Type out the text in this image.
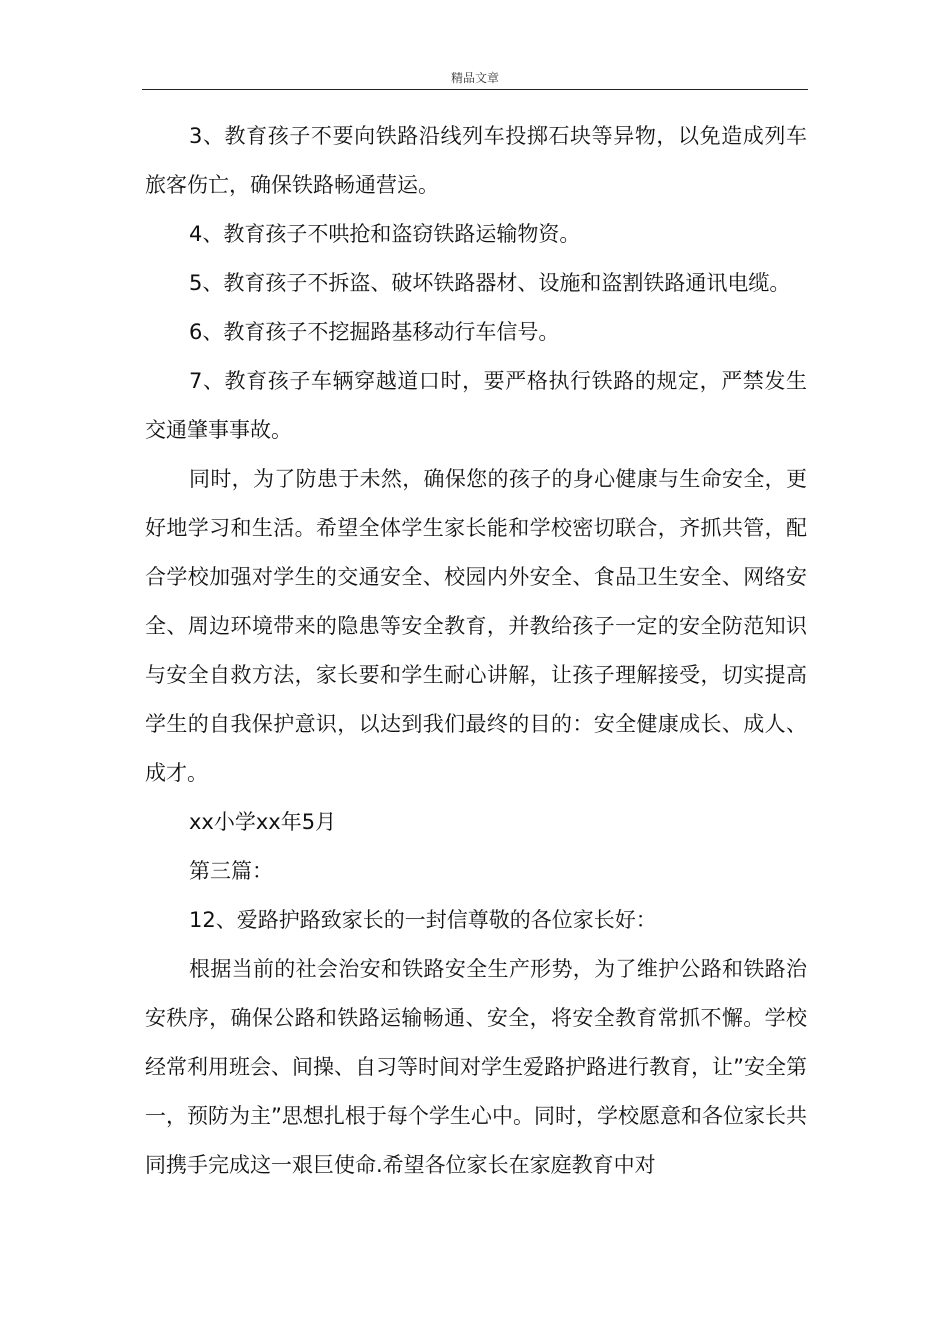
精品文章

3、教育孩子不要向铁路沿线列车投掷石块等异物，以免造成列车旅客伤亡，确保铁路畅通营运。

4、教育孩子不哄抢和盗窃铁路运输物资。

5、教育孩子不拆盗、破坏铁路器材、设施和盗割铁路通讯电缆。

6、教育孩子不挖掘路基移动行车信号。

7、教育孩子车辆穿越道口时，要严格执行铁路的规定，严禁发生交通肇事事故。

同时，为了防患于未然，确保您的孩子的身心健康与生命安全，更好地学习和生活。希望全体学生家长能和学校密切联合，齐抓共管，配合学校加强对学生的交通安全、校园内外安全、食品卫生安全、网络安全、周边环境带来的隐患等安全教育，并教给孩子一定的安全防范知识与安全自救方法，家长要和学生耐心讲解，让孩子理解接受，切实提高学生的自我保护意识，以达到我们最终的目的：安全健康成长、成人、成才。

xx小学xx年5月

第三篇：

12、爱路护路致家长的一封信尊敬的各位家长好：

根据当前的社会治安和铁路安全生产形势，为了维护公路和铁路治安秩序，确保公路和铁路运输畅通、安全，将安全教育常抓不懈。学校经常利用班会、间操、自习等时间对学生爱路护路进行教育，让”安全第一，预防为主”思想扎根于每个学生心中。同时，学校愿意和各位家长共同携手完成这一艰巨使命.希望各位家长在家庭教育中对
